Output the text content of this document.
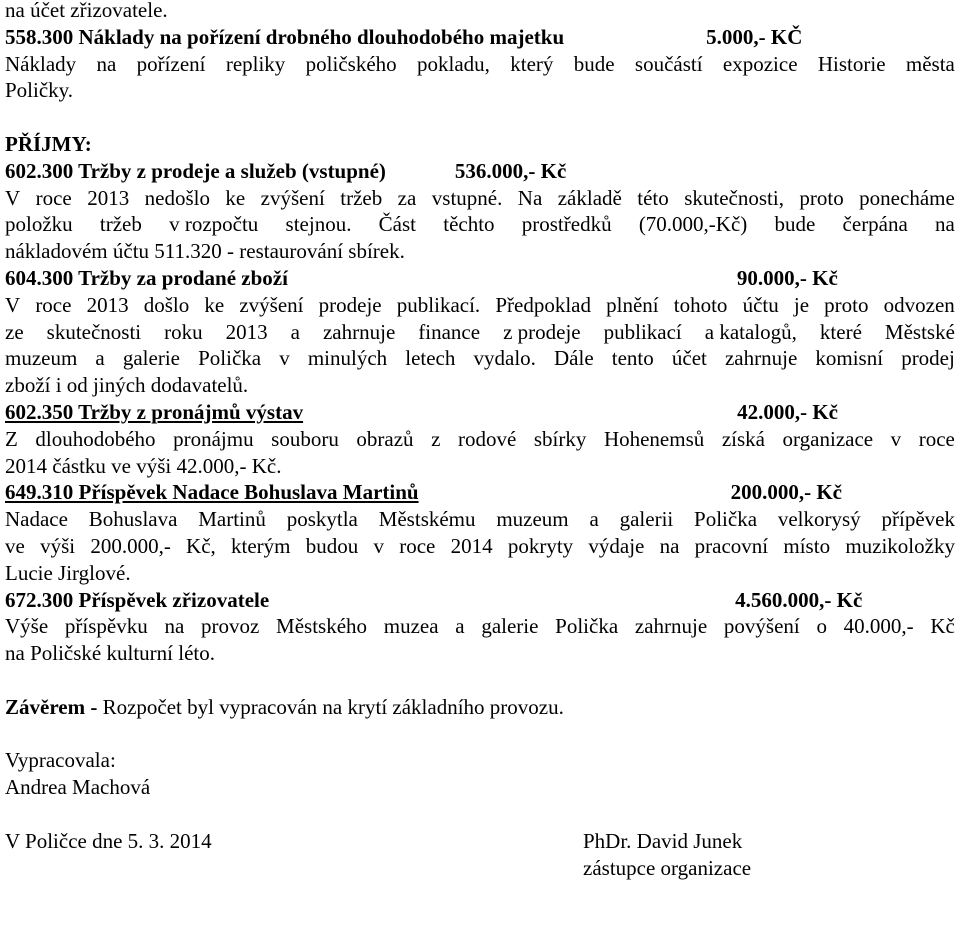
na účet zřizovatele.
558.300 Náklady na pořízení drobného dlouhodobého majetku	5.000,- KČ
Náklady na pořízení repliky poličského pokladu, který bude součástí expozice Historie města
Poličky.
PŘÍJMY:
602.300 Tržby z prodeje a služeb (vstupné)	536.000,- Kč
V roce 2013 nedošlo ke zvýšení tržeb za vstupné. Na základě této skutečnosti, proto ponecháme
položku tržeb v rozpočtu stejnou. Část těchto prostředků (70.000,-Kč) bude čerpána na
nákladovém účtu 511.320 - restaurování sbírek.
604.300 Tržby za prodané zboží	90.000,- Kč
V roce 2013 došlo ke zvýšení prodeje publikací. Předpoklad plnění tohoto účtu je proto odvozen
ze skutečnosti roku 2013 a zahrnuje finance z prodeje publikací a katalogů, které Městské
muzeum a galerie Polička v minulých letech vydalo. Dále tento účet zahrnuje komisní prodej
zboží i od jiných dodavatelů.
602.350 Tržby z pronájmů výstav	42.000,- Kč
Z dlouhodobého pronájmu souboru obrazů z rodové sbírky Hohenemsů získá organizace v roce
2014 částku ve výši 42.000,- Kč.
649.310 Příspěvek Nadace Bohuslava Martinů	200.000,- Kč
Nadace Bohuslava Martinů poskytla Městskému muzeum a galerii Polička velkorysý přípěvek
ve výši 200.000,- Kč, kterým budou v roce 2014 pokryty výdaje na pracovní místo muzikoložky
Lucie Jirglové.
672.300 Příspěvek zřizovatele	4.560.000,- Kč
Výše příspěvku na provoz Městského muzea a galerie Polička zahrnuje povýšení o 40.000,- Kč
na Poličské kulturní léto.
Závěrem - Rozpočet byl vypracován na krytí základního provozu.
Vypracovala:
Andrea Machová
V Poličce dne 5. 3. 2014	PhDr. David Junek
zástupce organizace
